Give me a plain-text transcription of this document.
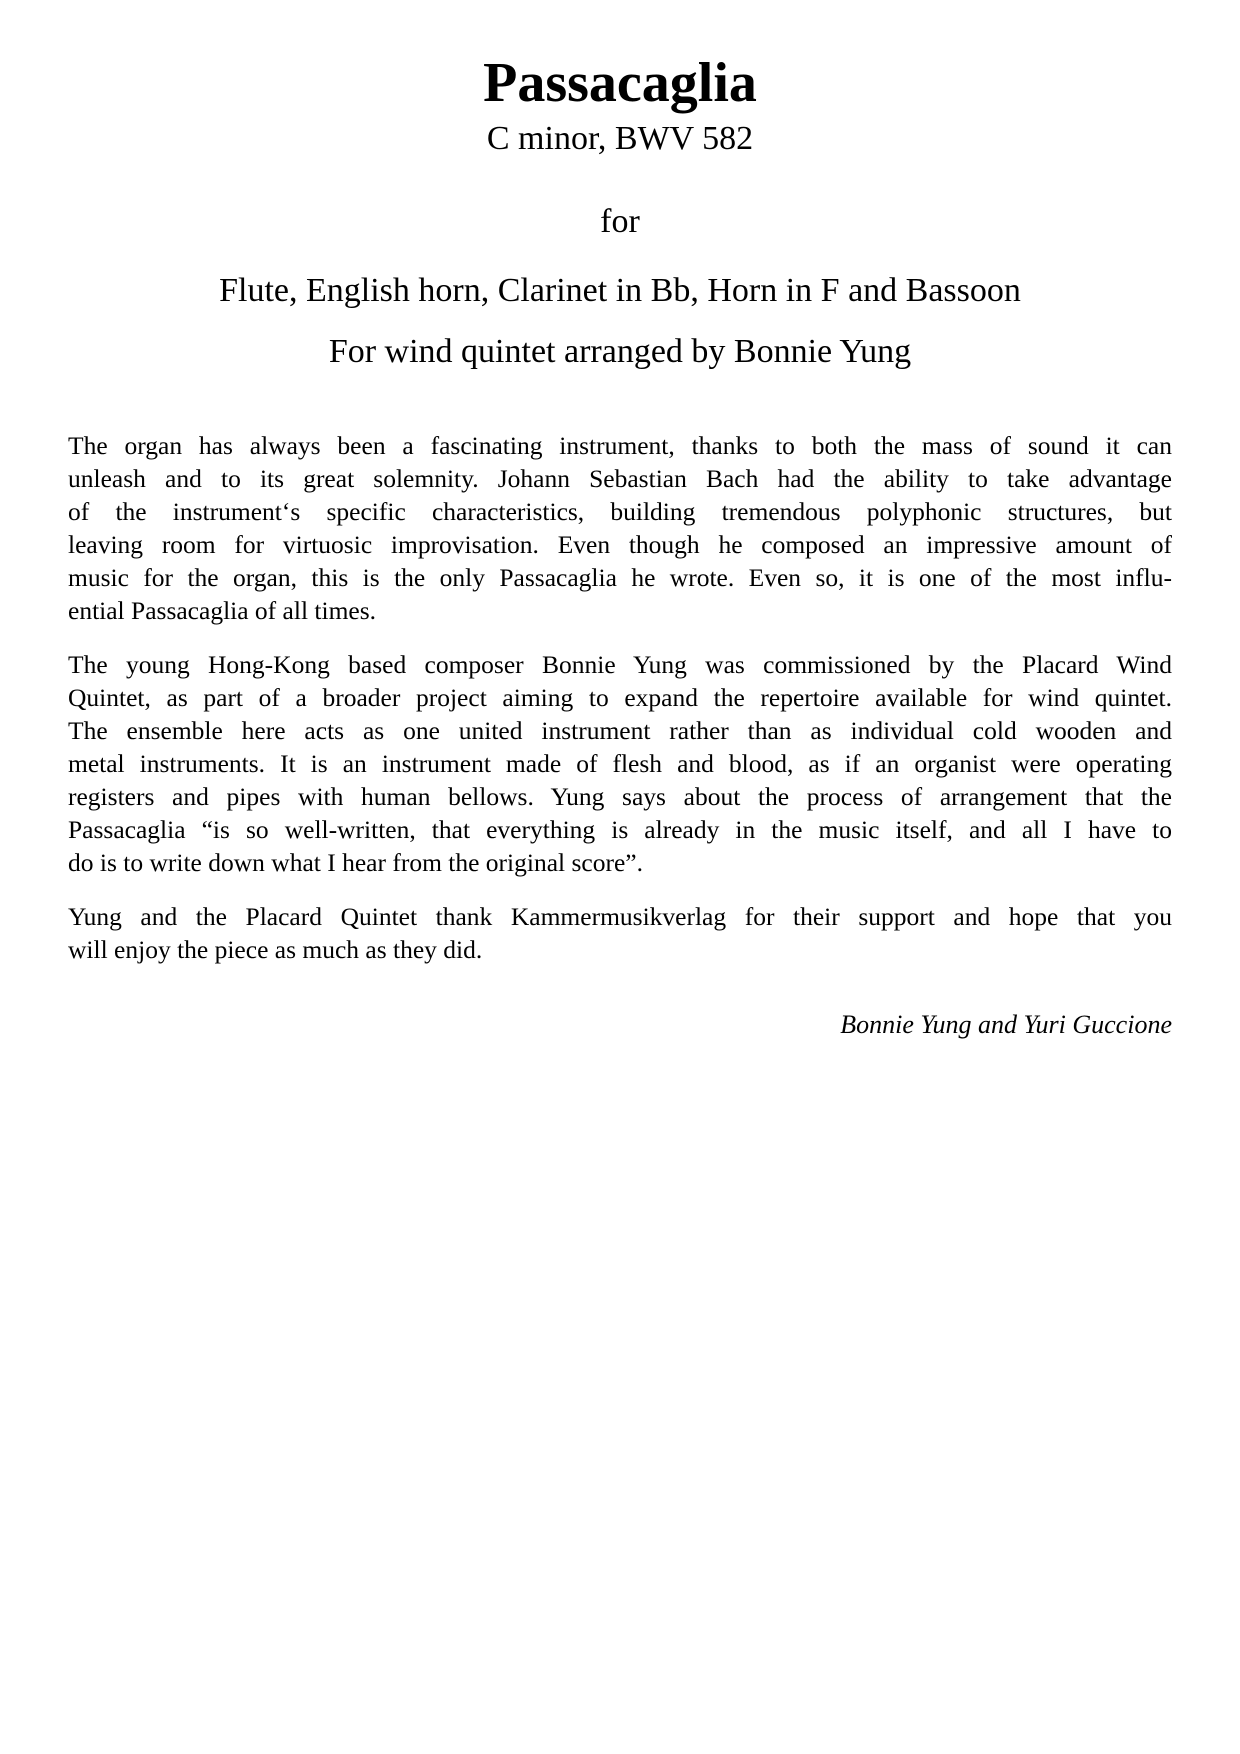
Passacaglia
C minor, BWV 582
for
Flute, English horn, Clarinet in Bb, Horn in F and Bassoon
For wind quintet arranged by Bonnie Yung
The organ has always been a fascinating instrument, thanks to both the mass of sound it can
unleash and to its great solemnity. Johann Sebastian Bach had the ability to take advantage
of the instrument‘s specific characteristics, building tremendous polyphonic structures, but
leaving room for virtuosic improvisation. Even though he composed an impressive amount of
music for the organ, this is the only Passacaglia he wrote. Even so, it is one of the most influ-
ential Passacaglia of all times.
The young Hong-Kong based composer Bonnie Yung was commissioned by the Placard Wind
Quintet, as part of a broader project aiming to expand the repertoire available for wind quintet.
The ensemble here acts as one united instrument rather than as individual cold wooden and
metal instruments. It is an instrument made of flesh and blood, as if an organist were operating
registers and pipes with human bellows. Yung says about the process of arrangement that the
Passacaglia “is so well-written, that everything is already in the music itself, and all I have to
do is to write down what I hear from the original score”.
Yung and the Placard Quintet thank Kammermusikverlag for their support and hope that you
will enjoy the piece as much as they did.
Bonnie Yung and Yuri Guccione
